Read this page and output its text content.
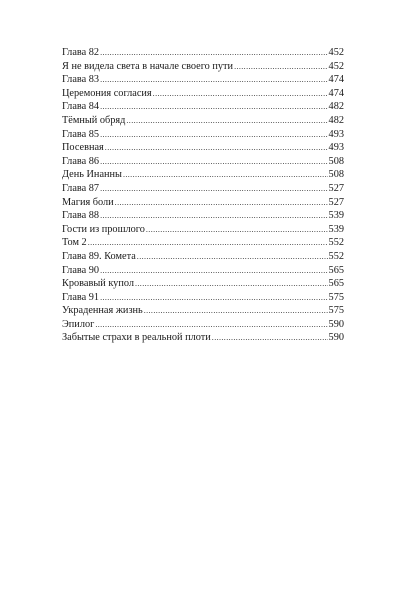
Глава 82 .....	452
Я не видела света в начале своего пути .....	452
Глава 83 .....	474
Церемония согласия .....	474
Глава 84 .....	482
Тёмный обряд .....	482
Глава 85 .....	493
Посевная .....	493
Глава 86 .....	508
День Инанны .....	508
Глава 87 .....	527
Магия боли .....	527
Глава 88 .....	539
Гости из прошлого .....	539
Том 2 .....	552
Глава 89. Комета .....	552
Глава 90 .....	565
Кровавый купол .....	565
Глава 91 .....	575
Украденная жизнь .....	575
Эпилог .....	590
Забытые страхи в реальной плоти .....	590
